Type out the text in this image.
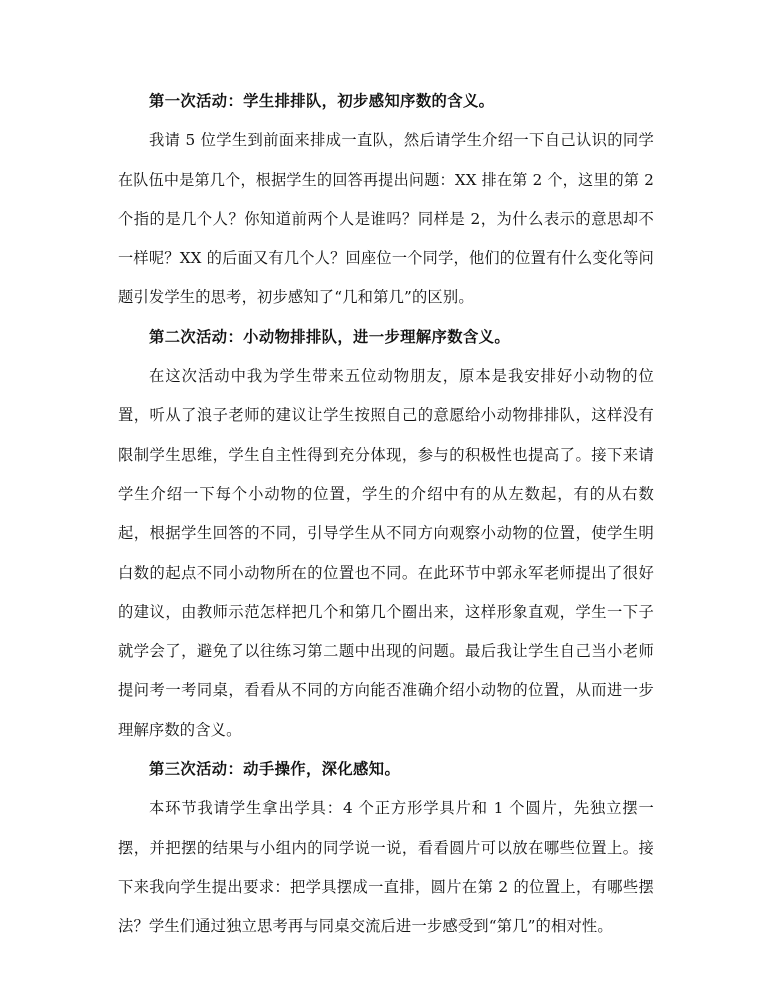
第一次活动：学生排排队，初步感知序数的含义。

我请 5 位学生到前面来排成一直队，然后请学生介绍一下自己认识的同学
在队伍中是第几个，根据学生的回答再提出问题：XX 排在第 2 个，这里的第 2
个指的是几个人？你知道前两个人是谁吗？同样是 2，为什么表示的意思却不
一样呢？XX 的后面又有几个人？回座位一个同学，他们的位置有什么变化等问
题引发学生的思考，初步感知了“几和第几”的区别。

第二次活动：小动物排排队，进一步理解序数含义。

在这次活动中我为学生带来五位动物朋友，原本是我安排好小动物的位
置，听从了浪子老师的建议让学生按照自己的意愿给小动物排排队，这样没有
限制学生思维，学生自主性得到充分体现，参与的积极性也提高了。接下来请
学生介绍一下每个小动物的位置，学生的介绍中有的从左数起，有的从右数
起，根据学生回答的不同，引导学生从不同方向观察小动物的位置，使学生明
白数的起点不同小动物所在的位置也不同。在此环节中郭永军老师提出了很好
的建议，由教师示范怎样把几个和第几个圈出来，这样形象直观，学生一下子
就学会了，避免了以往练习第二题中出现的问题。最后我让学生自己当小老师
提问考一考同桌，看看从不同的方向能否准确介绍小动物的位置，从而进一步
理解序数的含义。

第三次活动：动手操作，深化感知。

本环节我请学生拿出学具：4 个正方形学具片和 1 个圆片，先独立摆一
摆，并把摆的结果与小组内的同学说一说，看看圆片可以放在哪些位置上。接
下来我向学生提出要求：把学具摆成一直排，圆片在第 2 的位置上，有哪些摆
法？学生们通过独立思考再与同桌交流后进一步感受到“第几”的相对性。
